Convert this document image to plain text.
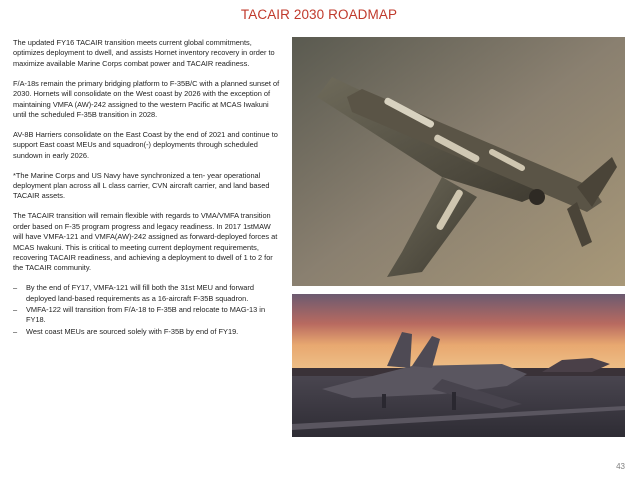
TACAIR 2030 ROADMAP

The updated FY16 TACAIR transition meets current global commitments, optimizes deployment to dwell, and assists Hornet inventory recovery in order to maximize available Marine Corps combat power and TACAIR readiness.

F/A-18s remain the primary bridging platform to F-35B/C with a planned sunset of 2030. Hornets will consolidate on the West coast by 2026 with the exception of maintaining VMFA (AW)-242 assigned to the western Pacific at MCAS Iwakuni until the scheduled F-35B transition in 2028.

AV-8B Harriers consolidate on the East Coast by the end of 2021 and continue to support East coast MEUs and squadron(-) deployments through scheduled sundown in early 2026.

*The Marine Corps and US Navy have synchronized a ten- year operational deployment plan across all L class carrier, CVN aircraft carrier, and land based TACAIR assets.

The TACAIR transition will remain flexible with regards to VMA/VMFA transition order based on F-35 program progress and legacy readiness. In 2017 1stMAW will have VMFA-121 and VMFA(AW)-242 assigned as forward-deployed forces at MCAS Iwakuni. This is critical to meeting current deployment requirements, recovering TACAIR readiness, and achieving a deployment to dwell of 1 to 2 for the TACAIR community.

– By the end of FY17, VMFA-121 will fill both the 31st MEU and forward deployed land-based requirements as a 16-aircraft F-35B squadron.
– VMFA-122 will transition from F/A-18 to F-35B and relocate to MAG-13 in FY18.
– West coast MEUs are sourced solely with F-35B by end of FY19.
43
